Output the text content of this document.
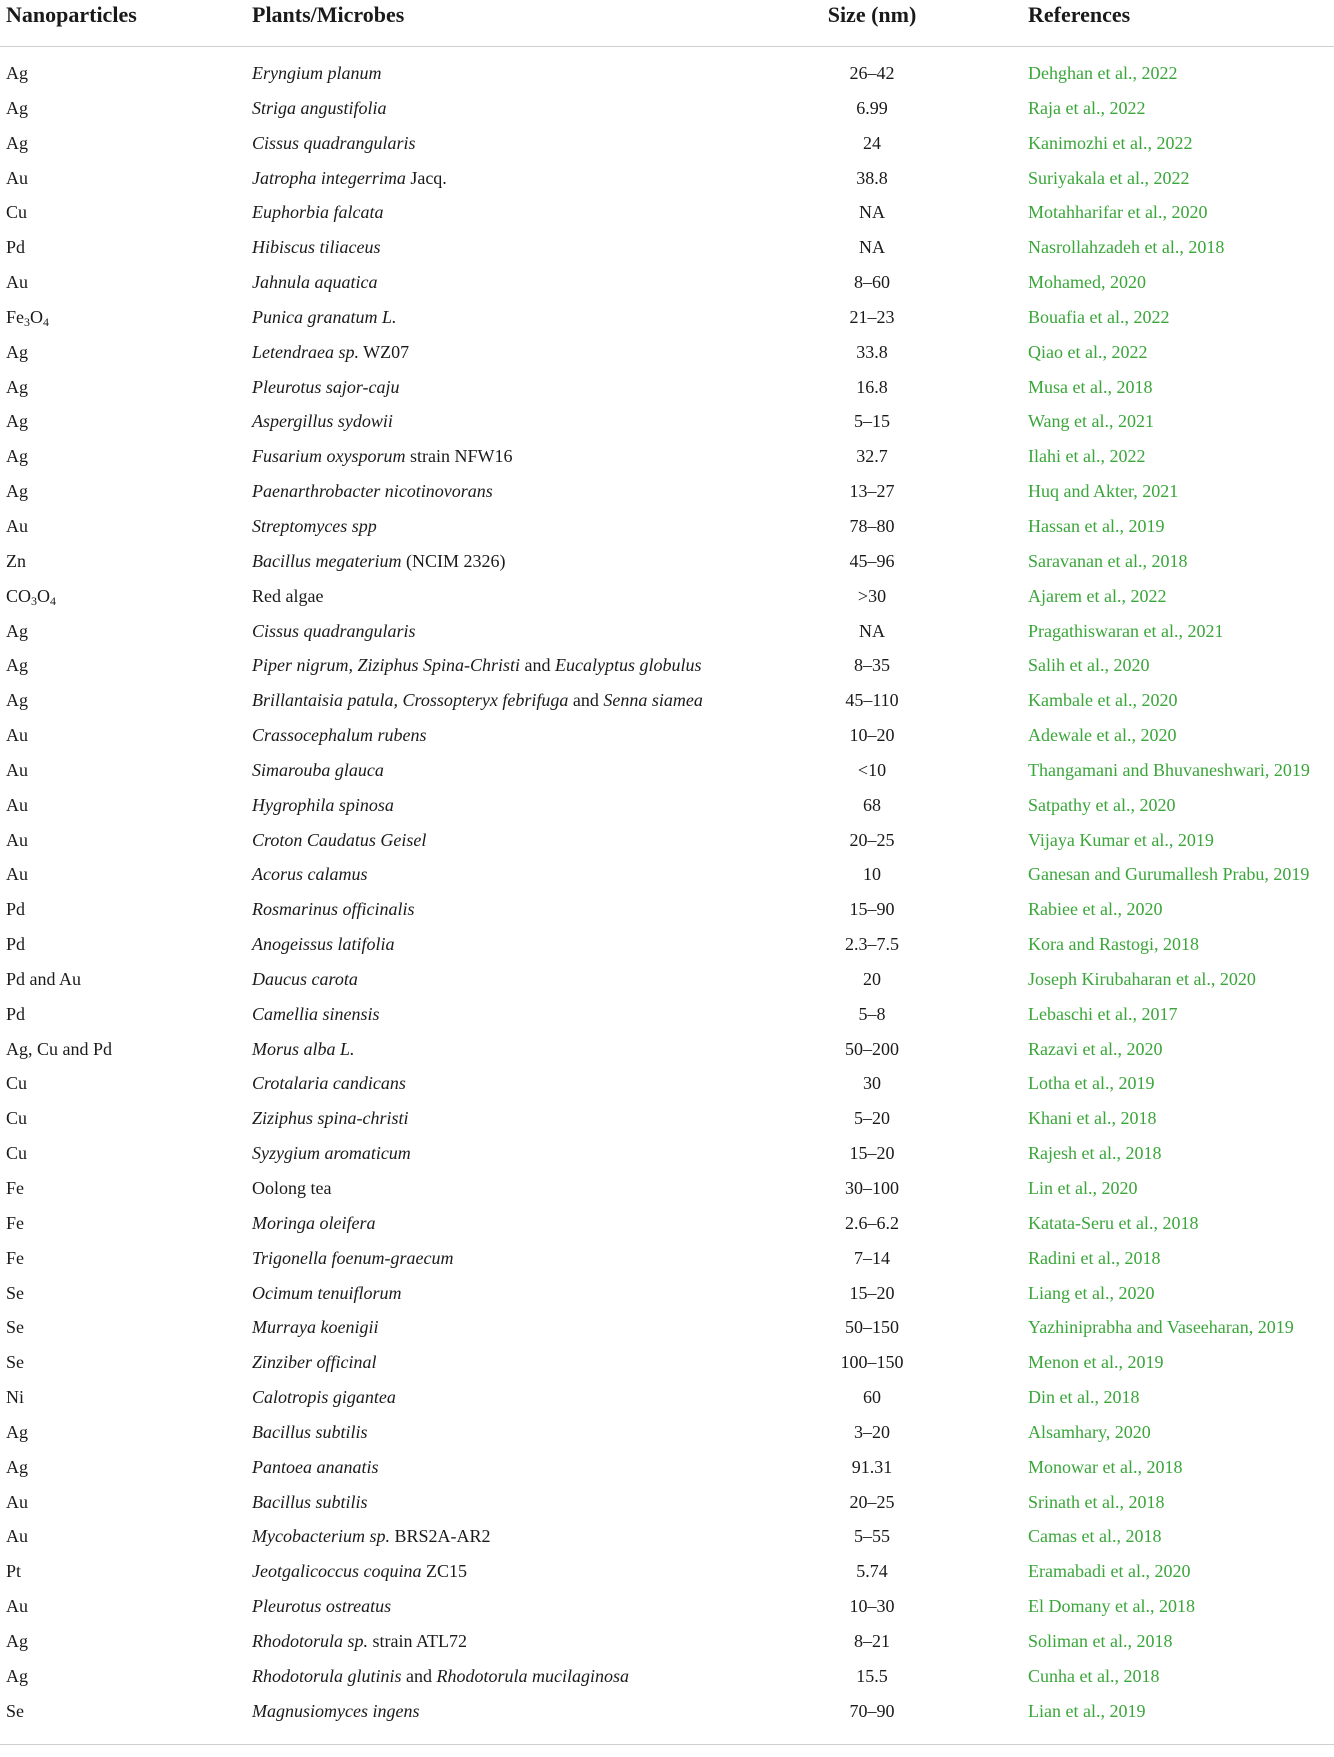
Nanoparticles	Plants/Microbes	Size (nm)	References
Ag	Eryngium planum	26–42	Dehghan et al., 2022
Ag	Striga angustifolia	6.99	Raja et al., 2022
Ag	Cissus quadrangularis	24	Kanimozhi et al., 2022
Au	Jatropha integerrima Jacq.	38.8	Suriyakala et al., 2022
Cu	Euphorbia falcata	NA	Motahharifar et al., 2020
Pd	Hibiscus tiliaceus	NA	Nasrollahzadeh et al., 2018
Au	Jahnula aquatica	8–60	Mohamed, 2020
$Fe_3O_4$	Punica granatum L.	21–23	Bouafia et al., 2022
Ag	Letendraea sp. WZ07	33.8	Qiao et al., 2022
Ag	Pleurotus sajor-caju	16.8	Musa et al., 2018
Ag	Aspergillus sydowii	5–15	Wang et al., 2021
Ag	Fusarium oxysporum strain NFW16	32.7	Ilahi et al., 2022
Ag	Paenarthrobacter nicotinovorans	13–27	Huq and Akter, 2021
Au	Streptomyces spp	78–80	Hassan et al., 2019
Zn	Bacillus megaterium (NCIM 2326)	45–96	Saravanan et al., 2018
$CO_3O_4$	Red algae	>30	Ajarem et al., 2022
Ag	Cissus quadrangularis	NA	Pragathiswaran et al., 2021
Ag	Piper nigrum, Ziziphus Spina-Christi and Eucalyptus globulus	8–35	Salih et al., 2020
Ag	Brillantaisia patula, Crossopteryx febrifuga and Senna siamea	45–110	Kambale et al., 2020
Au	Crassocephalum rubens	10–20	Adewale et al., 2020
Au	Simarouba glauca	<10	Thangamani and Bhuvaneshwari, 2019
Au	Hygrophila spinosa	68	Satpathy et al., 2020
Au	Croton Caudatus Geisel	20–25	Vijaya Kumar et al., 2019
Au	Acorus calamus	10	Ganesan and Gurumallesh Prabu, 2019
Pd	Rosmarinus officinalis	15–90	Rabiee et al., 2020
Pd	Anogeissus latifolia	2.3–7.5	Kora and Rastogi, 2018
Pd and Au	Daucus carota	20	Joseph Kirubaharan et al., 2020
Pd	Camellia sinensis	5–8	Lebaschi et al., 2017
Ag, Cu and Pd	Morus alba L.	50–200	Razavi et al., 2020
Cu	Crotalaria candicans	30	Lotha et al., 2019
Cu	Ziziphus spina-christi	5–20	Khani et al., 2018
Cu	Syzygium aromaticum	15–20	Rajesh et al., 2018
Fe	Oolong tea	30–100	Lin et al., 2020
Fe	Moringa oleifera	2.6–6.2	Katata-Seru et al., 2018
Fe	Trigonella foenum-graecum	7–14	Radini et al., 2018
Se	Ocimum tenuiflorum	15–20	Liang et al., 2020
Se	Murraya koenigii	50–150	Yazhiniprabha and Vaseeharan, 2019
Se	Zinziber officinal	100–150	Menon et al., 2019
Ni	Calotropis gigantea	60	Din et al., 2018
Ag	Bacillus subtilis	3–20	Alsamhary, 2020
Ag	Pantoea ananatis	91.31	Monowar et al., 2018
Au	Bacillus subtilis	20–25	Srinath et al., 2018
Au	Mycobacterium sp. BRS2A-AR2	5–55	Camas et al., 2018
Pt	Jeotgalicoccus coquina ZC15	5.74	Eramabadi et al., 2020
Au	Pleurotus ostreatus	10–30	El Domany et al., 2018
Ag	Rhodotorula sp. strain ATL72	8–21	Soliman et al., 2018
Ag	Rhodotorula glutinis and Rhodotorula mucilaginosa	15.5	Cunha et al., 2018
Se	Magnusiomyces ingens	70–90	Lian et al., 2019
